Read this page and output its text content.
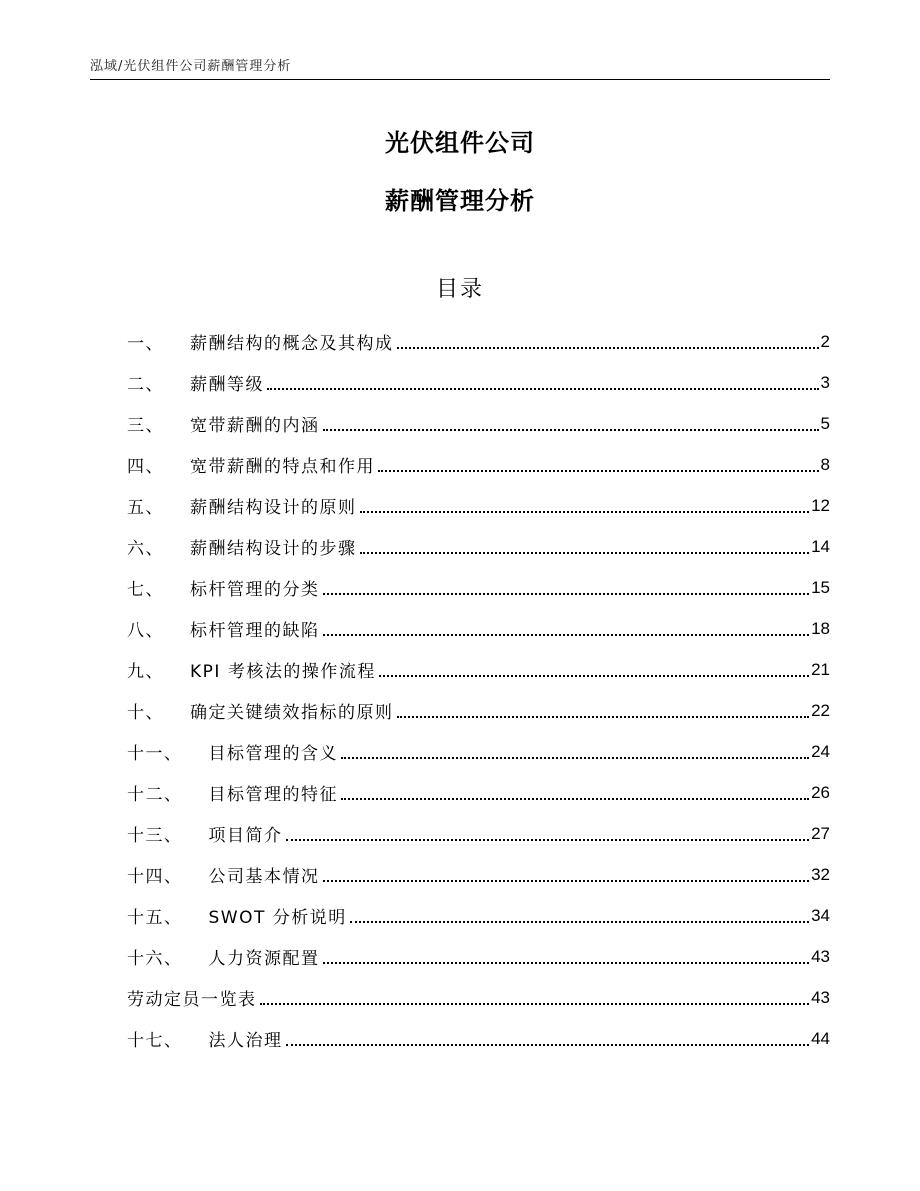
泓域/光伏组件公司薪酬管理分析
光伏组件公司
薪酬管理分析
目录
一、 薪酬结构的概念及其构成	2
二、 薪酬等级	3
三、 宽带薪酬的内涵	5
四、 宽带薪酬的特点和作用	8
五、 薪酬结构设计的原则	12
六、 薪酬结构设计的步骤	14
七、 标杆管理的分类	15
八、 标杆管理的缺陷	18
九、 KPI 考核法的操作流程	21
十、 确定关键绩效指标的原则	22
十一、 目标管理的含义	24
十二、 目标管理的特征	26
十三、 项目简介	27
十四、 公司基本情况	32
十五、 SWOT 分析说明	34
十六、 人力资源配置	43
劳动定员一览表	43
十七、 法人治理	44
